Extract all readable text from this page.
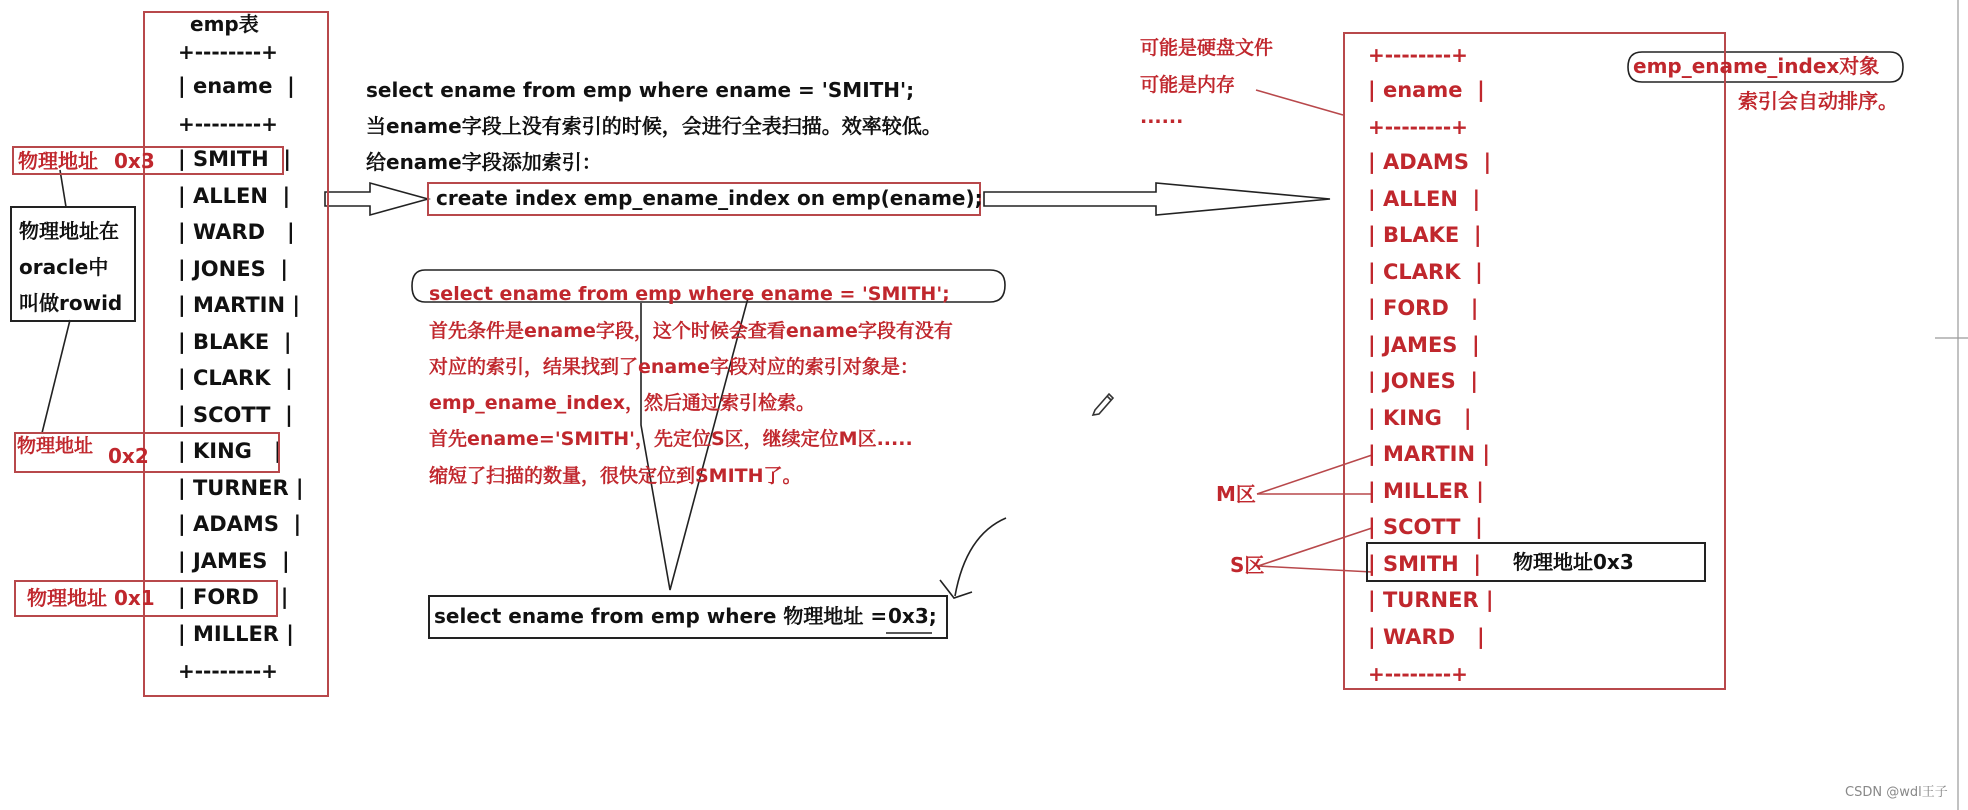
emp表
+--------+
| ename  |
+--------+
| SMITH  |
| ALLEN  |
| WARD   |
| JONES  |
| MARTIN |
| BLAKE  |
| CLARK  |
| SCOTT  |
| KING   |
| TURNER |
| ADAMS  |
| JAMES  |
| FORD   |
| MILLER |
+--------+
物理地址 0x3
物理地址在
oracle中
叫做rowid
物理地址 0x2
物理地址 0x1
select ename from emp where ename = 'SMITH';
当ename字段上没有索引的时候，会进行全表扫描。效率较低。
给ename字段添加索引：
create index emp_ename_index on emp(ename);
select ename from emp where ename = 'SMITH';
首先条件是ename字段，这个时候会查看ename字段有没有
对应的索引，结果找到了ename字段对应的索引对象是：
emp_ename_index，然后通过索引检索。
首先ename='SMITH'，先定位S区，继续定位M区.....
缩短了扫描的数量，很快定位到SMITH了。
select ename from emp where 物理地址 =
0x3;
可能是硬盘文件
可能是内存
......
+--------+
| ename  |
+--------+
| ADAMS  |
| ALLEN  |
| BLAKE  |
| CLARK  |
| FORD   |
| JAMES  |
| JONES  |
| KING   |
| MARTIN |
| MILLER |
| SCOTT  |
| SMITH  |
| TURNER |
| WARD   |
+--------+
emp_ename_index对象
索引会自动排序。
M区
S区	物理地址0x3
CSDN @wdl王子
